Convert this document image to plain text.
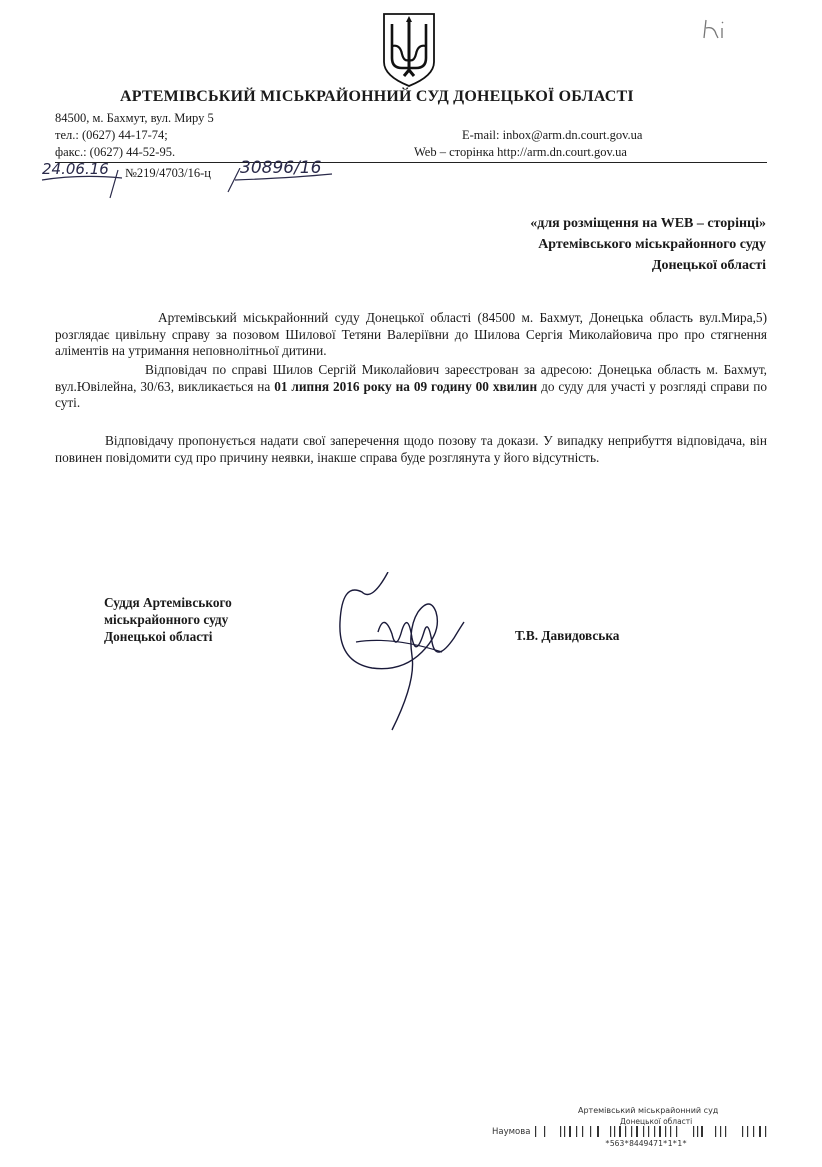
АРТЕМІВСЬКИЙ МІСЬКРАЙОННИЙ СУД ДОНЕЦЬКОЇ ОБЛАСТІ
84500, м. Бахмут, вул. Миру 5
тел.: (0627) 44-17-74;
факс.: (0627) 44-52-95.
E-mail: inbox@arm.dn.court.gov.ua
Web – сторінка http://arm.dn.court.gov.ua
24.06.16 №219/4703/16-ц 30896/16
«для розміщення на WEB – сторінці»
Артемівського міськрайонного суду
Донецької області
Артемівський міськрайонний суду Донецької області (84500 м. Бахмут, Донецька область вул.Мира,5) розглядає цивільну справу за позовом Шилової Тетяни Валеріївни до Шилова Сергія Миколайовича про про стягнення аліментів на утримання неповнолітньої дитини.
Відповідач по справі Шилов Сергій Миколайович зареєстрован за адресою: Донецька область м. Бахмут, вул.Ювілейна, 30/63, викликається на 01 липня 2016 року на 09 годину 00 хвилин до суду для участі у розгляді справи по суті.
Відповідачу пропонується надати свої заперечення щодо позову та докази. У випадку неприбуття відповідача, він повинен повідомити суд про причину неявки, інакше справа буде розглянута у його відсутність.
Суддя Артемівського
міськрайонного суду
Донецькоі області	Т.В. Давидовська
Артемівський міськрайонний суд
Донецької області
Наумова
*563*8449471*1*1*
